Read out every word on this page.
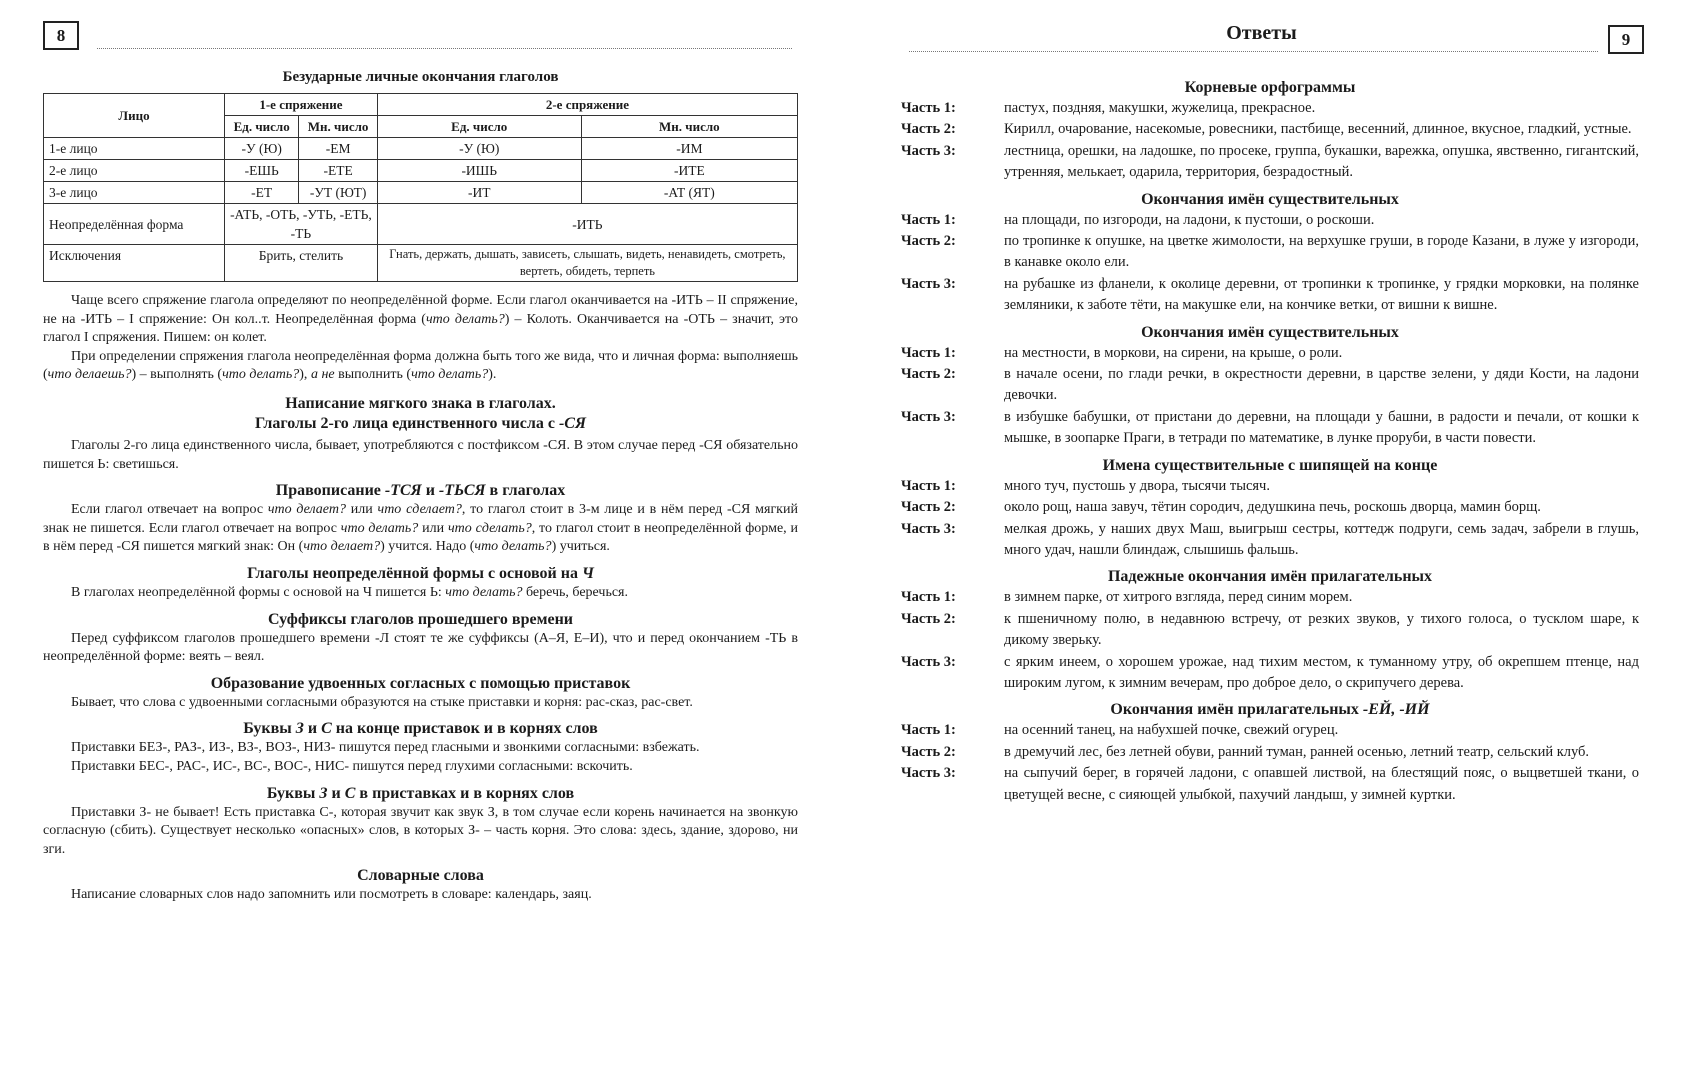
8
Безударные личные окончания глаголов
Лицо	1-е спряжение		2-е спряжение	
	Ед. число	Мн. число	Ед. число	Мн. число
1-е лицо	-У (Ю)	-ЕМ	-У (Ю)	-ИМ
2-е лицо	-ЕШЬ	-ЕТЕ	-ИШЬ	-ИТЕ
3-е лицо	-ЕТ	-УТ (ЮТ)	-ИТ	-АТ (ЯТ)
Неопределённая форма	-АТЬ, -ОТЬ, -УТЬ, -ЕТЬ, -ТЬ		-ИТЬ	
Исключения	Брить, стелить		Гнать, держать, дышать, зависеть, слышать, видеть, ненавидеть, смотреть, вертеть, обидеть, терпеть	

Чаще всего спряжение глагола определяют по неопределённой форме. Если глагол оканчивается на -ИТЬ – II спряжение, не на -ИТЬ – I спряжение: Он кол..т. Неопределённая форма (что делать?) – Колоть. Оканчивается на -ОТЬ – значит, это глагол I спряжения. Пишем: он колет.

При определении спряжения глагола неопределённая форма должна быть того же вида, что и личная форма: выполняешь (что делаешь?) – выполнять (что делать?), а не выполнить (что делать?).

Написание мягкого знака в глаголах.
Глаголы 2-го лица единственного числа с -СЯ

Глаголы 2-го лица единственного числа, бывает, употребляются с постфиксом -СЯ. В этом случае перед -СЯ обязательно пишется Ь: светишься.

Правописание -ТСЯ и -ТЬСЯ в глаголах

Если глагол отвечает на вопрос что делает? или что сделает?, то глагол стоит в 3-м лице и в нём перед -СЯ мягкий знак не пишется. Если глагол отвечает на вопрос что делать? или что сделать?, то глагол стоит в неопределённой форме, и в нём перед -СЯ пишется мягкий знак: Он (что делает?) учится. Надо (что делать?) учиться.

Глаголы неопределённой формы с основой на Ч

В глаголах неопределённой формы с основой на Ч пишется Ь: что делать? беречь, беречься.

Суффиксы глаголов прошедшего времени

Перед суффиксом глаголов прошедшего времени -Л стоят те же суффиксы (А–Я, Е–И), что и перед окончанием -ТЬ в неопределённой форме: веять – веял.

Образование удвоенных согласных с помощью приставок

Бывает, что слова с удвоенными согласными образуются на стыке приставки и корня: рас-сказ, рас-свет.

Буквы З и С на конце приставок и в корнях слов

Приставки БЕЗ-, РАЗ-, ИЗ-, ВЗ-, ВОЗ-, НИЗ- пишутся перед гласными и звонкими согласными: взбежать.

Приставки БЕС-, РАС-, ИС-, ВС-, ВОС-, НИС- пишутся перед глухими согласными: вскочить.

Буквы З и С в приставках и в корнях слов

Приставки З- не бывает! Есть приставка С-, которая звучит как звук З, в том случае если корень начинается на звонкую согласную (сбить). Существует несколько «опасных» слов, в которых З- – часть корня. Это слова: здесь, здание, здорово, ни зги.

Словарные слова

Написание словарных слов надо запомнить или посмотреть в словаре: календарь, заяц.

Ответы	9
Корневые орфограммы
Часть 1:	пастух, поздняя, макушки, жужелица, прекрасное.
Часть 2:	Кирилл, очарование, насекомые, ровесники, пастбище, весенний, длинное, вкусное, гладкий, устные.
Часть 3:	лестница, орешки, на ладошке, по просеке, группа, букашки, варежка, опушка, явственно, гигантский, утренняя, мелькает, одарила, территория, безрадостный.
Окончания имён существительных
Часть 1:	на площади, по изгороди, на ладони, к пустоши, о роскоши.
Часть 2:	по тропинке к опушке, на цветке жимолости, на верхушке груши, в городе Казани, в луже у изгороди, в канавке около ели.
Часть 3:	на рубашке из фланели, к околице деревни, от тропинки к тропинке, у грядки морковки, на полянке земляники, к заботе тёти, на макушке ели, на кончике ветки, от вишни к вишне.
Окончания имён существительных
Часть 1:	на местности, в моркови, на сирени, на крыше, о роли.
Часть 2:	в начале осени, по глади речки, в окрестности деревни, в царстве зелени, у дяди Кости, на ладони девочки.
Часть 3:	в избушке бабушки, от пристани до деревни, на площади у башни, в радости и печали, от кошки к мышке, в зоопарке Праги, в тетради по математике, в лунке проруби, в части повести.
Имена существительные с шипящей на конце
Часть 1:	много туч, пустошь у двора, тысячи тысяч.
Часть 2:	около рощ, наша завуч, тётин сородич, дедушкина печь, роскошь дворца, мамин борщ.
Часть 3:	мелкая дрожь, у наших двух Маш, выигрыш сестры, коттедж подруги, семь задач, забрели в глушь, много удач, нашли блиндаж, слышишь фальшь.
Падежные окончания имён прилагательных
Часть 1:	в зимнем парке, от хитрого взгляда, перед синим морем.
Часть 2:	к пшеничному полю, в недавнюю встречу, от резких звуков, у тихого голоса, о тусклом шаре, к дикому зверьку.
Часть 3:	с ярким инеем, о хорошем урожае, над тихим местом, к туманному утру, об окрепшем птенце, над широким лугом, к зимним вечерам, про доброе дело, о скрипучего дерева.
Окончания имён прилагательных -ЕЙ, -ИЙ
Часть 1:	на осенний танец, на набухшей почке, свежий огурец.
Часть 2:	в дремучий лес, без летней обуви, ранний туман, ранней осенью, летний театр, сельский клуб.
Часть 3:	на сыпучий берег, в горячей ладони, с опавшей листвой, на блестящий пояс, о выцветшей ткани, о цветущей весне, с сияющей улыбкой, пахучий ландыш, у зимней куртки.
